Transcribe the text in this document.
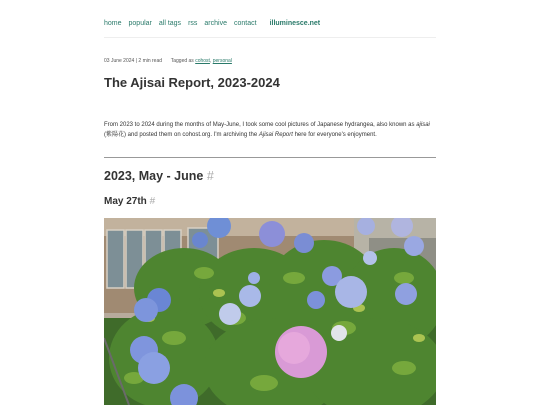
home popular all tags rss archive contact illuminesce.net
03 June 2024 | 2 min read Tagged as cohost, personal
The Ajisai Report, 2023-2024

From 2023 to 2024 during the months of May-June, I took some cool pictures of Japanese hydrangea, also known as ajisai (紫陽花) and posted them on cohost.org. I'm archiving the Ajisai Report here for everyone's enjoyment.

2023, May - June #
May 27th #
